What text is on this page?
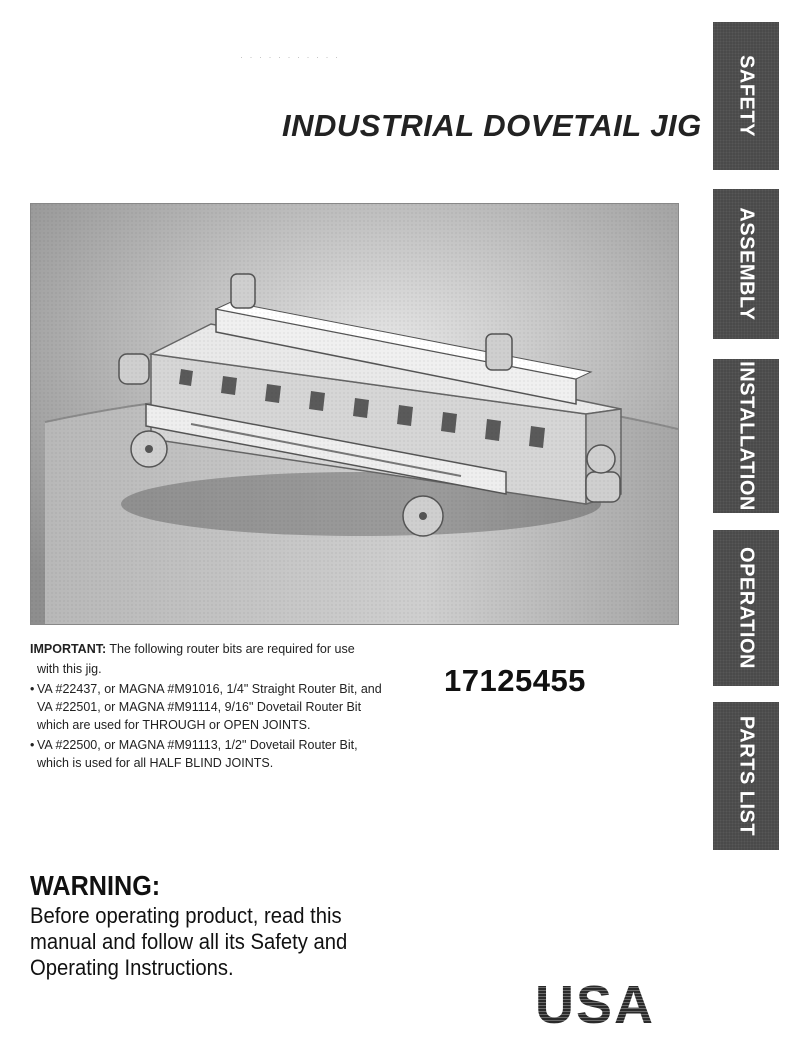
· · · · · · · · · · ·
INDUSTRIAL DOVETAIL JIG SAFETY
ASSEMBLY
INSTALLATION
OPERATION
PARTS LIST

IMPORTANT: The following router bits are required for use

with this jig.

• VA #22437, or MAGNA #M91016, 1/4" Straight Router Bit, and
VA #22501, or MAGNA #M91114, 9/16" Dovetail Router Bit
which are used for THROUGH or OPEN JOINTS.
• VA #22500, or MAGNA #M91113, 1/2" Dovetail Router Bit,
which is used for all HALF BLIND JOINTS.
17125455
WARNING:
Before operating product, read this
manual and follow all its Safety and
Operating Instructions.
USA
